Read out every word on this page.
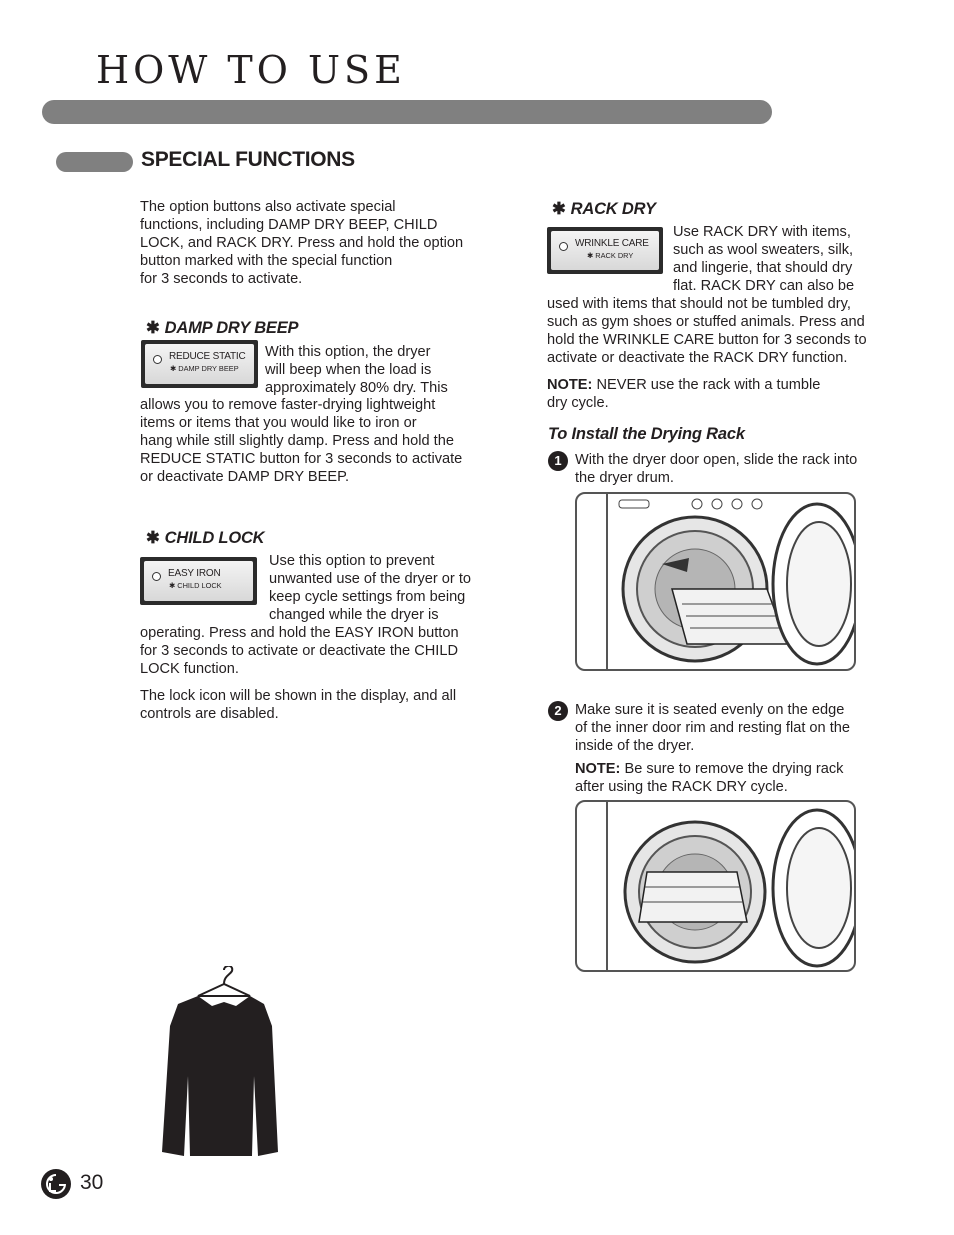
HOW TO USE
SPECIAL FUNCTIONS
The option buttons also activate special
functions, including DAMP DRY BEEP, CHILD
LOCK, and RACK DRY. Press and hold the option
button marked with the special function
for 3 seconds to activate.
✱ DAMP DRY BEEP
REDUCE STATIC
✱ DAMP DRY BEEP
With this option, the dryer
will beep when the load is
approximately 80% dry. This
allows you to remove faster-drying lightweight
items or items that you would like to iron or
hang while still slightly damp. Press and hold the
REDUCE STATIC button for 3 seconds to activate
or deactivate DAMP DRY BEEP.
✱ CHILD LOCK
EASY IRON
✱ CHILD LOCK
Use this option to prevent
unwanted use of the dryer or to
keep cycle settings from being
changed while the dryer is
operating. Press and hold the EASY IRON button
for 3 seconds to activate or deactivate the CHILD
LOCK function.
The lock icon will be shown in the display, and all
controls are disabled.
✱ RACK DRY
WRINKLE CARE
✱ RACK DRY
Use RACK DRY with items,
such as wool sweaters, silk,
and lingerie, that should dry
flat. RACK DRY can also be
used with items that should not be tumbled dry,
such as gym shoes or stuffed animals. Press and
hold the WRINKLE CARE button for 3 seconds to
activate or deactivate the RACK DRY function.
NOTE: NEVER use the rack with a tumble
dry cycle.
To Install the Drying Rack
1 With the dryer door open, slide the rack into
the dryer drum.
2 Make sure it is seated evenly on the edge
of the inner door rim and resting flat on the
inside of the dryer.
NOTE: Be sure to remove the drying rack
after using the RACK DRY cycle.
30
